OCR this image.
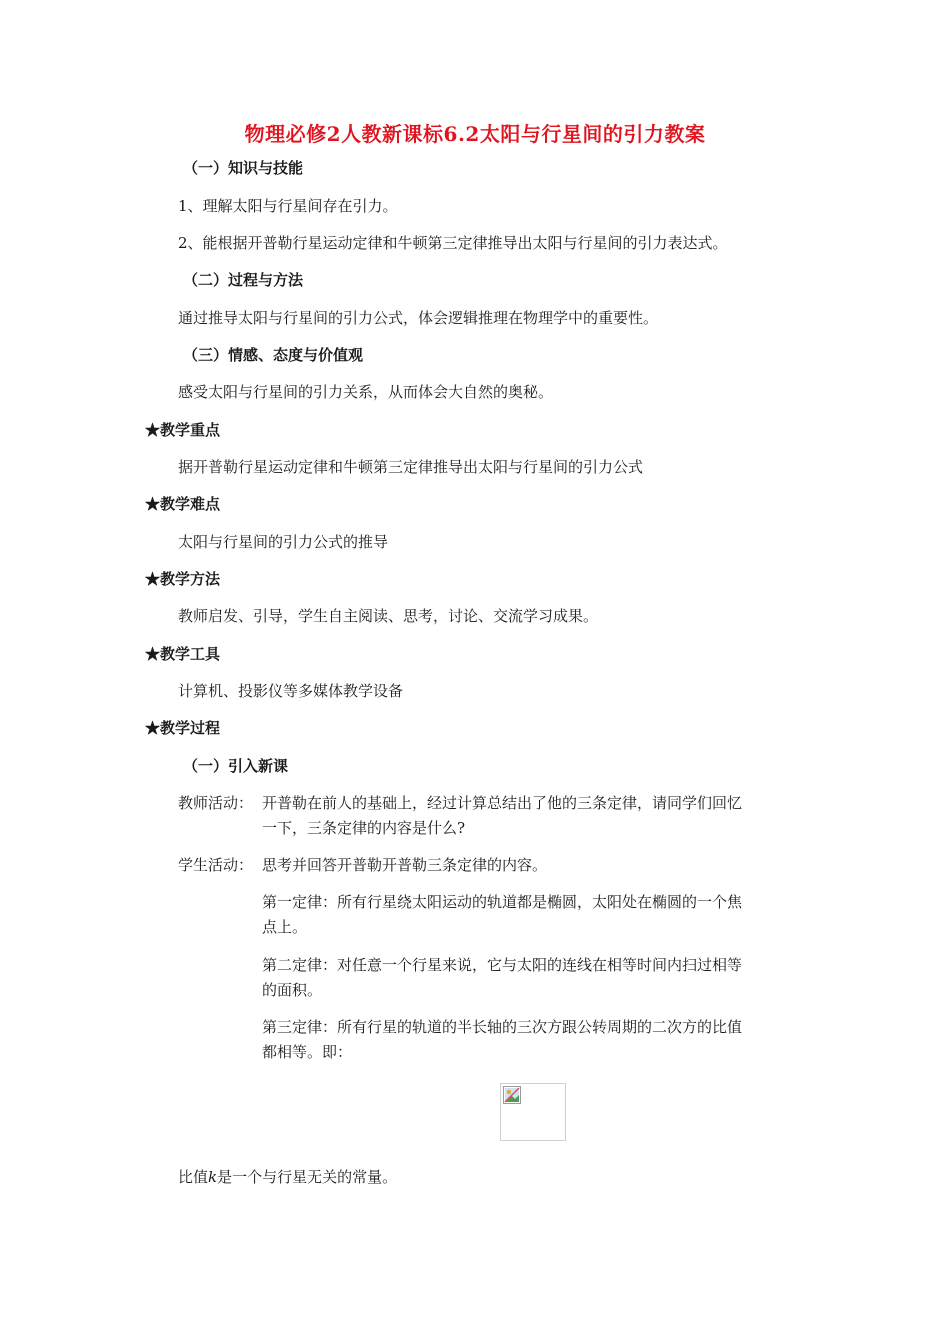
物理必修2人教新课标6.2太阳与行星间的引力教案
（一）知识与技能
1、理解太阳与行星间存在引力。
2、能根据开普勒行星运动定律和牛顿第三定律推导出太阳与行星间的引力表达式。
（二）过程与方法
通过推导太阳与行星间的引力公式，体会逻辑推理在物理学中的重要性。
（三）情感、态度与价值观
感受太阳与行星间的引力关系，从而体会大自然的奥秘。
★教学重点
据开普勒行星运动定律和牛顿第三定律推导出太阳与行星间的引力公式
★教学难点
太阳与行星间的引力公式的推导
★教学方法
教师启发、引导，学生自主阅读、思考，讨论、交流学习成果。
★教学工具
计算机、投影仪等多媒体教学设备
★教学过程
（一）引入新课
教师活动： 开普勒在前人的基础上，经过计算总结出了他的三条定律，请同学们回忆
一下，三条定律的内容是什么?
学生活动： 思考并回答开普勒开普勒三条定律的内容。
第一定律：所有行星绕太阳运动的轨道都是椭圆，太阳处在椭圆的一个焦
点上。
第二定律：对任意一个行星来说，它与太阳的连线在相等时间内扫过相等
的面积。
第三定律：所有行星的轨道的半长轴的三次方跟公转周期的二次方的比值
都相等。即：
比值k是一个与行星无关的常量。
